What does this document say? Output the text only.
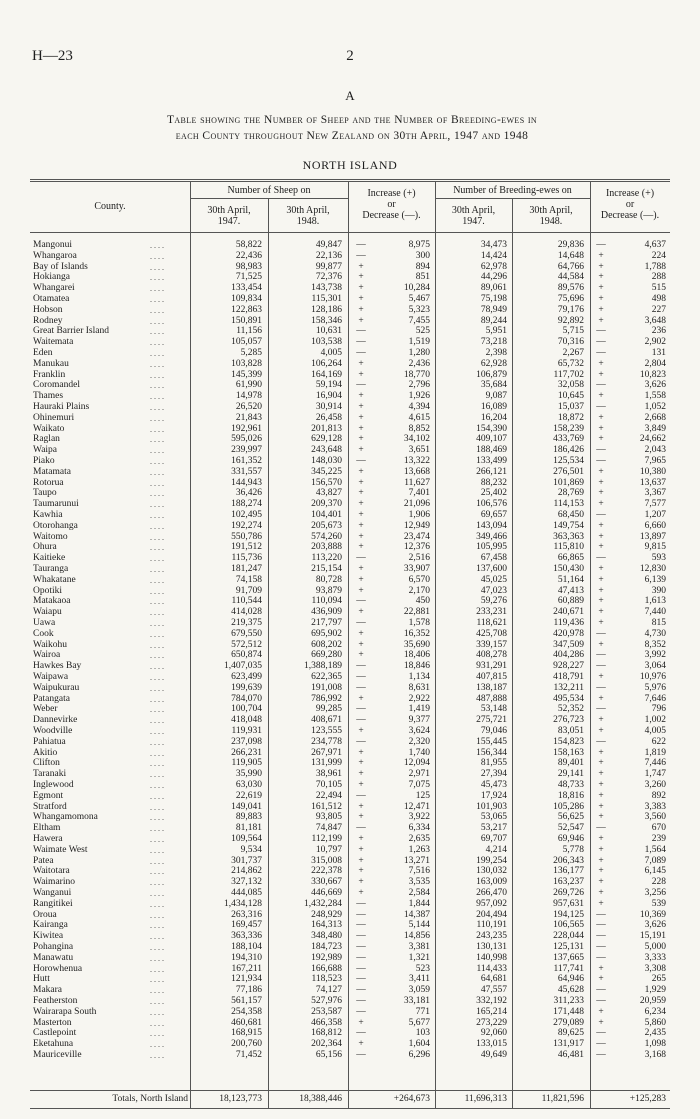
H—23	2
A
Table showing the Number of Sheep and the Number of Breeding-ewes in
each County throughout New Zealand on 30th April, 1947 and 1948
NORTH ISLAND
County.
Number of Sheep on
30th April,
1947.
30th April,
1948.
Increase (+)
or
Decrease (—).
Number of Breeding-ewes on
30th April,
1947.
30th April,
1948.
Increase (+)
or
Decrease (—).
Mangonui	. . . .	58,822	49,847 —	8,975	34,473	29,836 —	4,637
Whangaroa	. . . .	22,436	22,136 —	300	14,424	14,648	+	224
Bay of Islands	. . . .	98,983	99,877	+	894	62,978	64,766	+	1,788
Hokianga	. . . .	71,525	72,376	+	851	44,296	44,584	+	288
Whangarei	. . . .	133,454	143,738	+	10,284	89,061	89,576	+	515
Otamatea	. . . .	109,834	115,301	+	5,467	75,198	75,696	+	498
Hobson	. . . .	122,863	128,186	+	5,323	78,949	79,176	+	227
Rodney	. . . .	150,891	158,346	+	7,455	89,244	92,892	+	3,648
Great Barrier Island	. . . .	11,156	10,631 —	525	5,951	5,715 —	236
Waitemata	. . . .	105,057	103,538 —	1,519	73,218	70,316 —	2,902
Eden	. . . .	5,285	4,005 —	1,280	2,398	2,267 —	131
Manukau	. . . .	103,828	106,264	+	2,436	62,928	65,732	+	2,804
Franklin	. . . .	145,399	164,169	+	18,770	106,879	117,702	+	10,823
Coromandel	. . . .	61,990	59,194 —	2,796	35,684	32,058 —	3,626
Thames	. . . .	14,978	16,904	+	1,926	9,087	10,645	+	1,558
Hauraki Plains	. . . .	26,520	30,914	+	4,394	16,089	15,037 —	1,052
Ohinemuri	. . . .	21,843	26,458	+	4,615	16,204	18,872	+	2,668
Waikato	. . . .	192,961	201,813	+	8,852	154,390	158,239	+	3,849
Raglan	. . . .	595,026	629,128	+	34,102	409,107	433,769	+	24,662
Waipa	. . . .	239,997	243,648	+	3,651	188,469	186,426 —	2,043
Piako	. . . .	161,352	148,030 —	13,322	133,499	125,534 —	7,965
Matamata	. . . .	331,557	345,225	+	13,668	266,121	276,501	+	10,380
Rotorua	. . . .	144,943	156,570	+	11,627	88,232	101,869	+	13,637
Taupo	. . . .	36,426	43,827	+	7,401	25,402	28,769	+	3,367
Taumarunui	. . . .	188,274	209,370	+	21,096	106,576	114,153	+	7,577
Kawhia	. . . .	102,495	104,401	+	1,906	69,657	68,450 —	1,207
Otorohanga	. . . .	192,274	205,673	+	12,949	143,094	149,754	+	6,660
Waitomo	. . . .	550,786	574,260	+	23,474	349,466	363,363	+	13,897
Ohura	. . . .	191,512	203,888	+	12,376	105,995	115,810	+	9,815
Kaitieke	. . . .	115,736	113,220 —	2,516	67,458	66,865 —	593
Tauranga	. . . .	181,247	215,154	+	33,907	137,600	150,430	+	12,830
Whakatane	. . . .	74,158	80,728	+	6,570	45,025	51,164	+	6,139
Opotiki	. . . .	91,709	93,879	+	2,170	47,023	47,413	+	390
Matakaoa	. . . .	110,544	110,094 —	450	59,276	60,889	+	1,613
Waiapu	. . . .	414,028	436,909	+	22,881	233,231	240,671	+	7,440
Uawa	. . . .	219,375	217,797 —	1,578	118,621	119,436	+	815
Cook	. . . .	679,550	695,902	+	16,352	425,708	420,978 —	4,730
Waikohu	. . . .	572,512	608,202	+	35,690	339,157	347,509	+	8,352
Wairoa	. . . .	650,874	669,280	+	18,406	408,278	404,286 —	3,992
Hawkes Bay	. . . .	1,407,035	1,388,189 —	18,846	931,291	928,227 —	3,064
Waipawa	. . . .	623,499	622,365 —	1,134	407,815	418,791	+	10,976
Waipukurau	. . . .	199,639	191,008 —	8,631	138,187	132,211 —	5,976
Patangata	. . . .	784,070	786,992	+	2,922	487,888	495,534	+	7,646
Weber	. . . .	100,704	99,285 —	1,419	53,148	52,352 —	796
Dannevirke	. . . .	418,048	408,671 —	9,377	275,721	276,723	+	1,002
Woodville	. . . .	119,931	123,555	+	3,624	79,046	83,051	+	4,005
Pahiatua	. . . .	237,098	234,778 —	2,320	155,445	154,823 —	622
Akitio	. . . .	266,231	267,971	+	1,740	156,344	158,163	+	1,819
Clifton	. . . .	119,905	131,999	+	12,094	81,955	89,401	+	7,446
Taranaki	. . . .	35,990	38,961	+	2,971	27,394	29,141	+	1,747
Inglewood	. . . .	63,030	70,105	+	7,075	45,473	48,733	+	3,260
Egmont	. . . .	22,619	22,494 —	125	17,924	18,816	+	892
Stratford	. . . .	149,041	161,512	+	12,471	101,903	105,286	+	3,383
Whangamomona	. . . .	89,883	93,805	+	3,922	53,065	56,625	+	3,560
Eltham	. . . .	81,181	74,847 —	6,334	53,217	52,547 —	670
Hawera	. . . .	109,564	112,199	+	2,635	69,707	69,946	+	239
Waimate West	. . . .	9,534	10,797	+	1,263	4,214	5,778	+	1,564
Patea	. . . .	301,737	315,008	+	13,271	199,254	206,343	+	7,089
Waitotara	. . . .	214,862	222,378	+	7,516	130,032	136,177	+	6,145
Waimarino	. . . .	327,132	330,667	+	3,535	163,009	163,237	+	228
Wanganui	. . . .	444,085	446,669	+	2,584	266,470	269,726	+	3,256
Rangitikei	. . . .	1,434,128	1,432,284 —	1,844	957,092	957,631	+	539
Oroua	. . . .	263,316	248,929 —	14,387	204,494	194,125 —	10,369
Kairanga	. . . .	169,457	164,313 —	5,144	110,191	106,565 —	3,626
Kiwitea	. . . .	363,336	348,480 —	14,856	243,235	228,044 —	15,191
Pohangina	. . . .	188,104	184,723 —	3,381	130,131	125,131 —	5,000
Manawatu	. . . .	194,310	192,989 —	1,321	140,998	137,665 —	3,333
Horowhenua	. . . .	167,211	166,688 —	523	114,433	117,741	+	3,308
Hutt	. . . .	121,934	118,523 —	3,411	64,681	64,946	+	265
Makara	. . . .	77,186	74,127 —	3,059	47,557	45,628 —	1,929
Featherston	. . . .	561,157	527,976 —	33,181	332,192	311,233 —	20,959
Wairarapa South	. . . .	254,358	253,587 —	771	165,214	171,448	+	6,234
Masterton	. . . .	460,681	466,358	+	5,677	273,229	279,089	+	5,860
Castlepoint	. . . .	168,915	168,812 —	103	92,060	89,625 —	2,435
Eketahuna	. . . .	200,760	202,364	+	1,604	133,015	131,917 —	1,098
Mauriceville	. . . .	71,452	65,156 —	6,296	49,649	46,481 —	3,168
Totals, North Island	18,123,773	18,388,446	+264,673	11,696,313	11,821,596	+125,283
